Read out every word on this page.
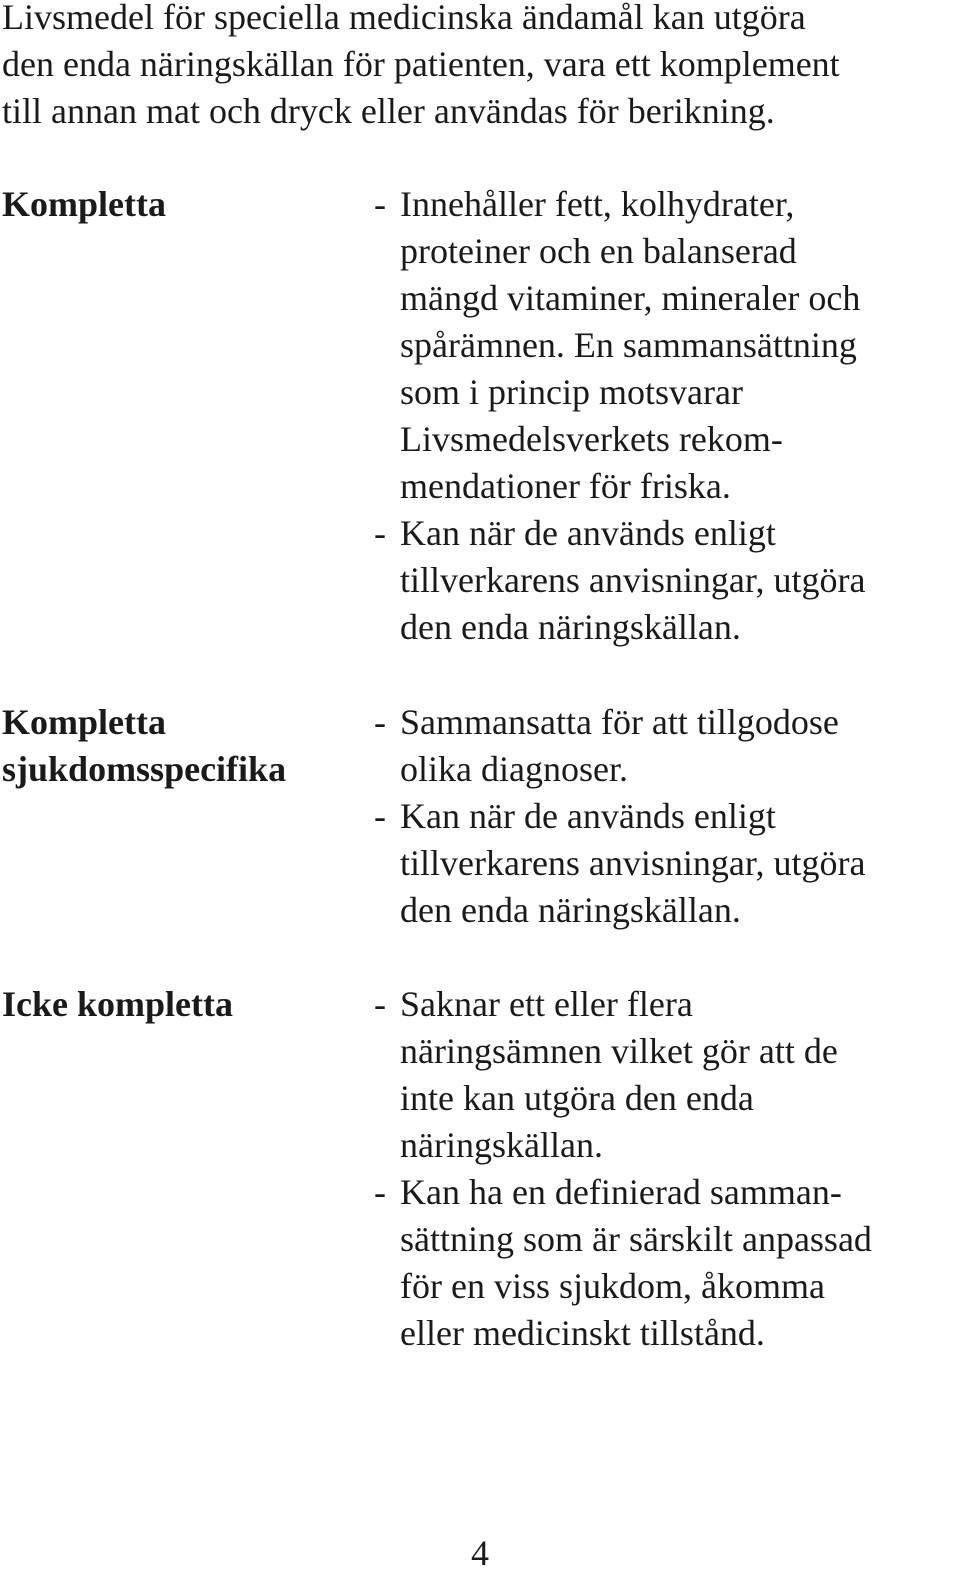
Livsmedel för speciella medicinska ändamål kan utgöra
den enda näringskällan för patienten, vara ett komplement
till annan mat och dryck eller användas för berikning.

Kompletta	- Innehåller fett, kolhydrater,
proteiner och en balanserad
mängd vitaminer, mineraler och
spårämnen. En sammansättning
som i princip motsvarar
Livsmedelsverkets rekom-
mendationer för friska.
- Kan när de används enligt
tillverkarens anvisningar, utgöra
den enda näringskällan.

Kompletta
sjukdomsspecifika

- Sammansatta för att tillgodose
olika diagnoser.
- Kan när de används enligt
tillverkarens anvisningar, utgöra
den enda näringskällan.

Icke kompletta	- Saknar ett eller flera
näringsämnen vilket gör att de
inte kan utgöra den enda
näringskällan.
- Kan ha en definierad samman-
sättning som är särskilt anpassad
för en viss sjukdom, åkomma
eller medicinskt tillstånd.

4
